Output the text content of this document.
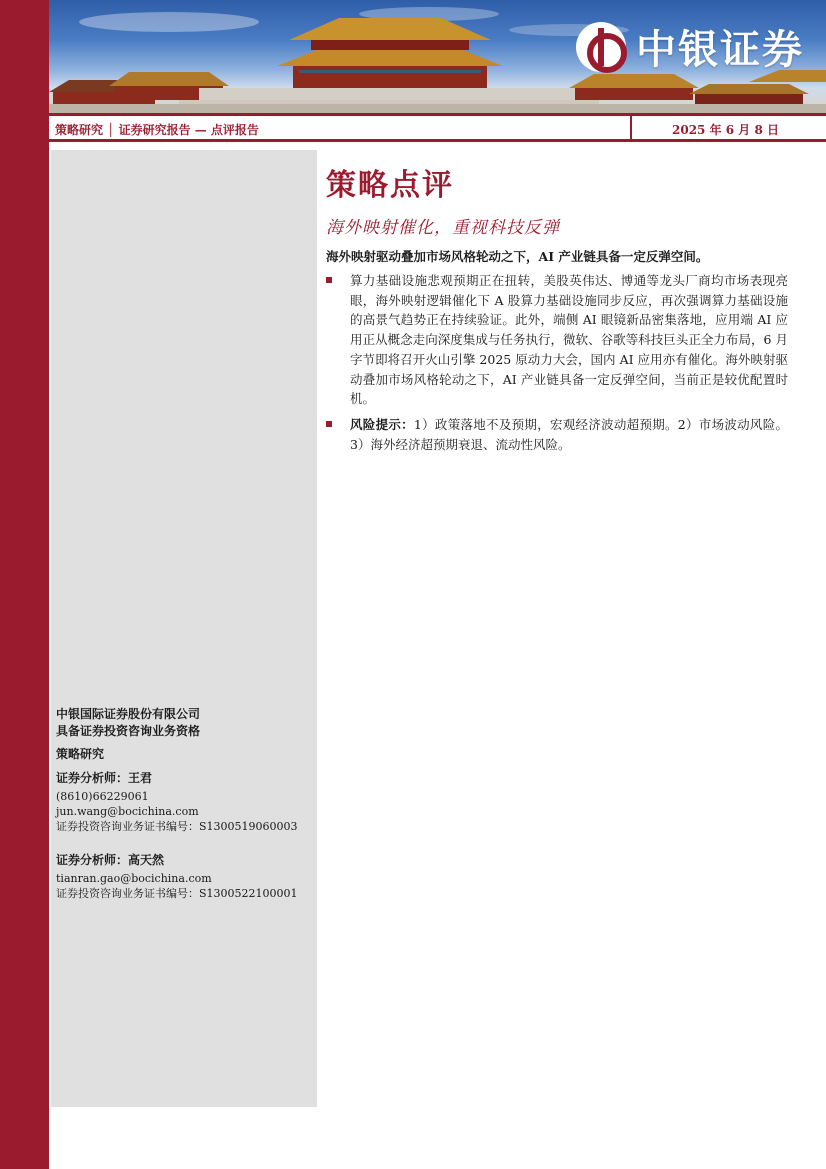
中银证券
策略研究 │ 证券研究报告 — 点评报告	2025 年 6 月 8 日
中银国际证券股份有限公司
具备证券投资咨询业务资格
策略研究
证券分析师：王君
(8610)66229061
jun.wang@bocichina.com
证券投资咨询业务证书编号：S1300519060003
证券分析师：高天然
tianran.gao@bocichina.com
证券投资咨询业务证书编号：S1300522100001
策略点评
海外映射催化，重视科技反弹
海外映射驱动叠加市场风格轮动之下，AI 产业链具备一定反弹空间。
算力基础设施悲观预期正在扭转，美股英伟达、博通等龙头厂商均市场表现亮眼，海外映射逻辑催化下 A 股算力基础设施同步反应，再次强调算力基础设施的高景气趋势正在持续验证。此外，端侧 AI 眼镜新品密集落地，应用端 AI 应用正从概念走向深度集成与任务执行，微软、谷歌等科技巨头正全力布局，6 月字节即将召开火山引擎 2025 原动力大会，国内 AI 应用亦有催化。海外映射驱动叠加市场风格轮动之下，AI 产业链具备一定反弹空间，当前正是较优配置时机。
风险提示：1）政策落地不及预期，宏观经济波动超预期。2）市场波动风险。3）海外经济超预期衰退、流动性风险。
